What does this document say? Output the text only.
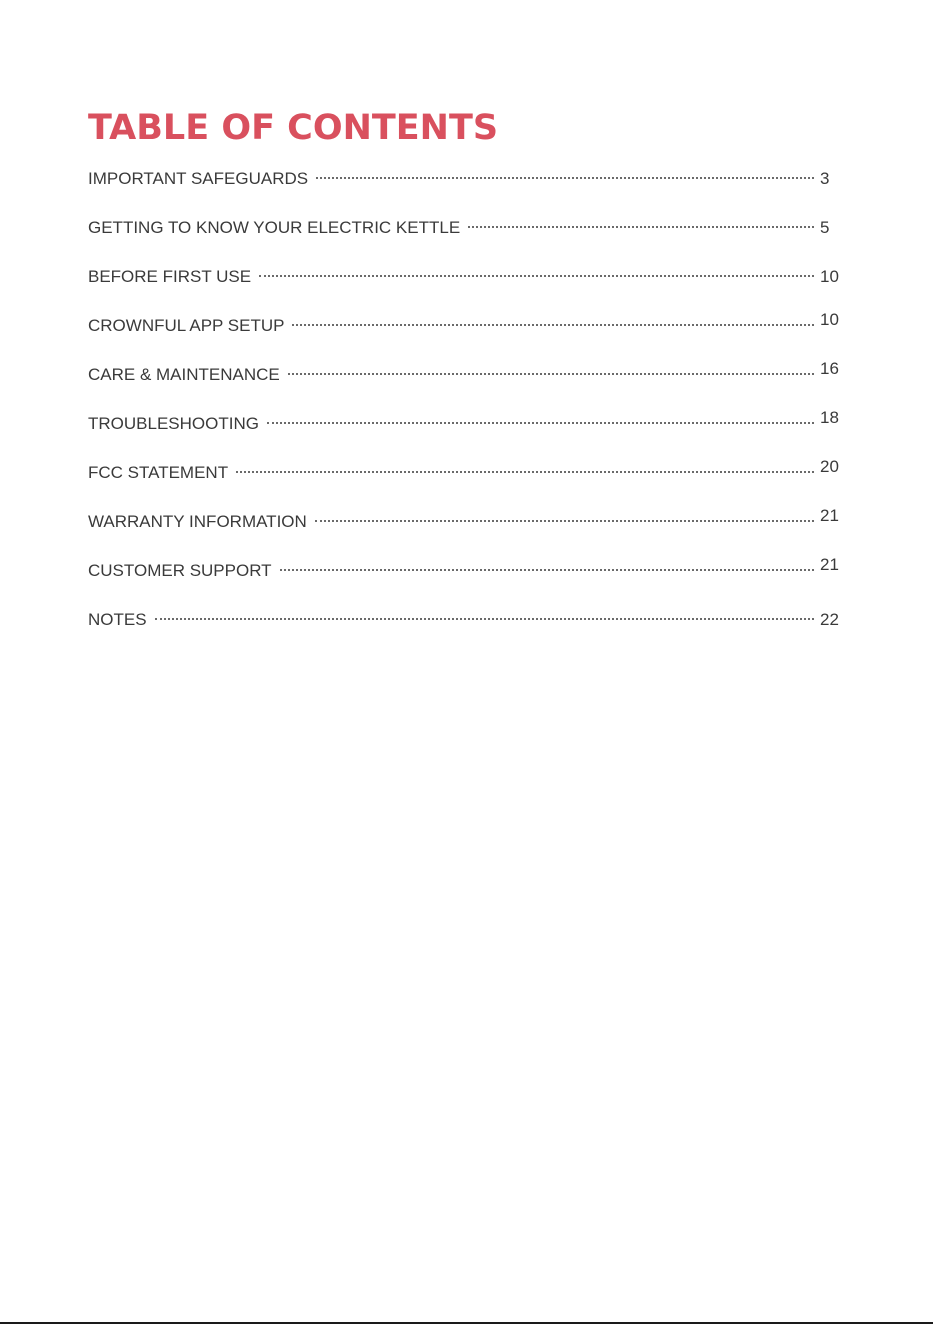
TABLE OF CONTENTS
IMPORTANT SAFEGUARDS	3
GETTING TO KNOW YOUR ELECTRIC KETTLE	5
BEFORE FIRST USE	10
CROWNFUL APP SETUP	10
CARE & MAINTENANCE	16
TROUBLESHOOTING	18
FCC STATEMENT	20
WARRANTY INFORMATION	21
CUSTOMER SUPPORT	21
NOTES	22
